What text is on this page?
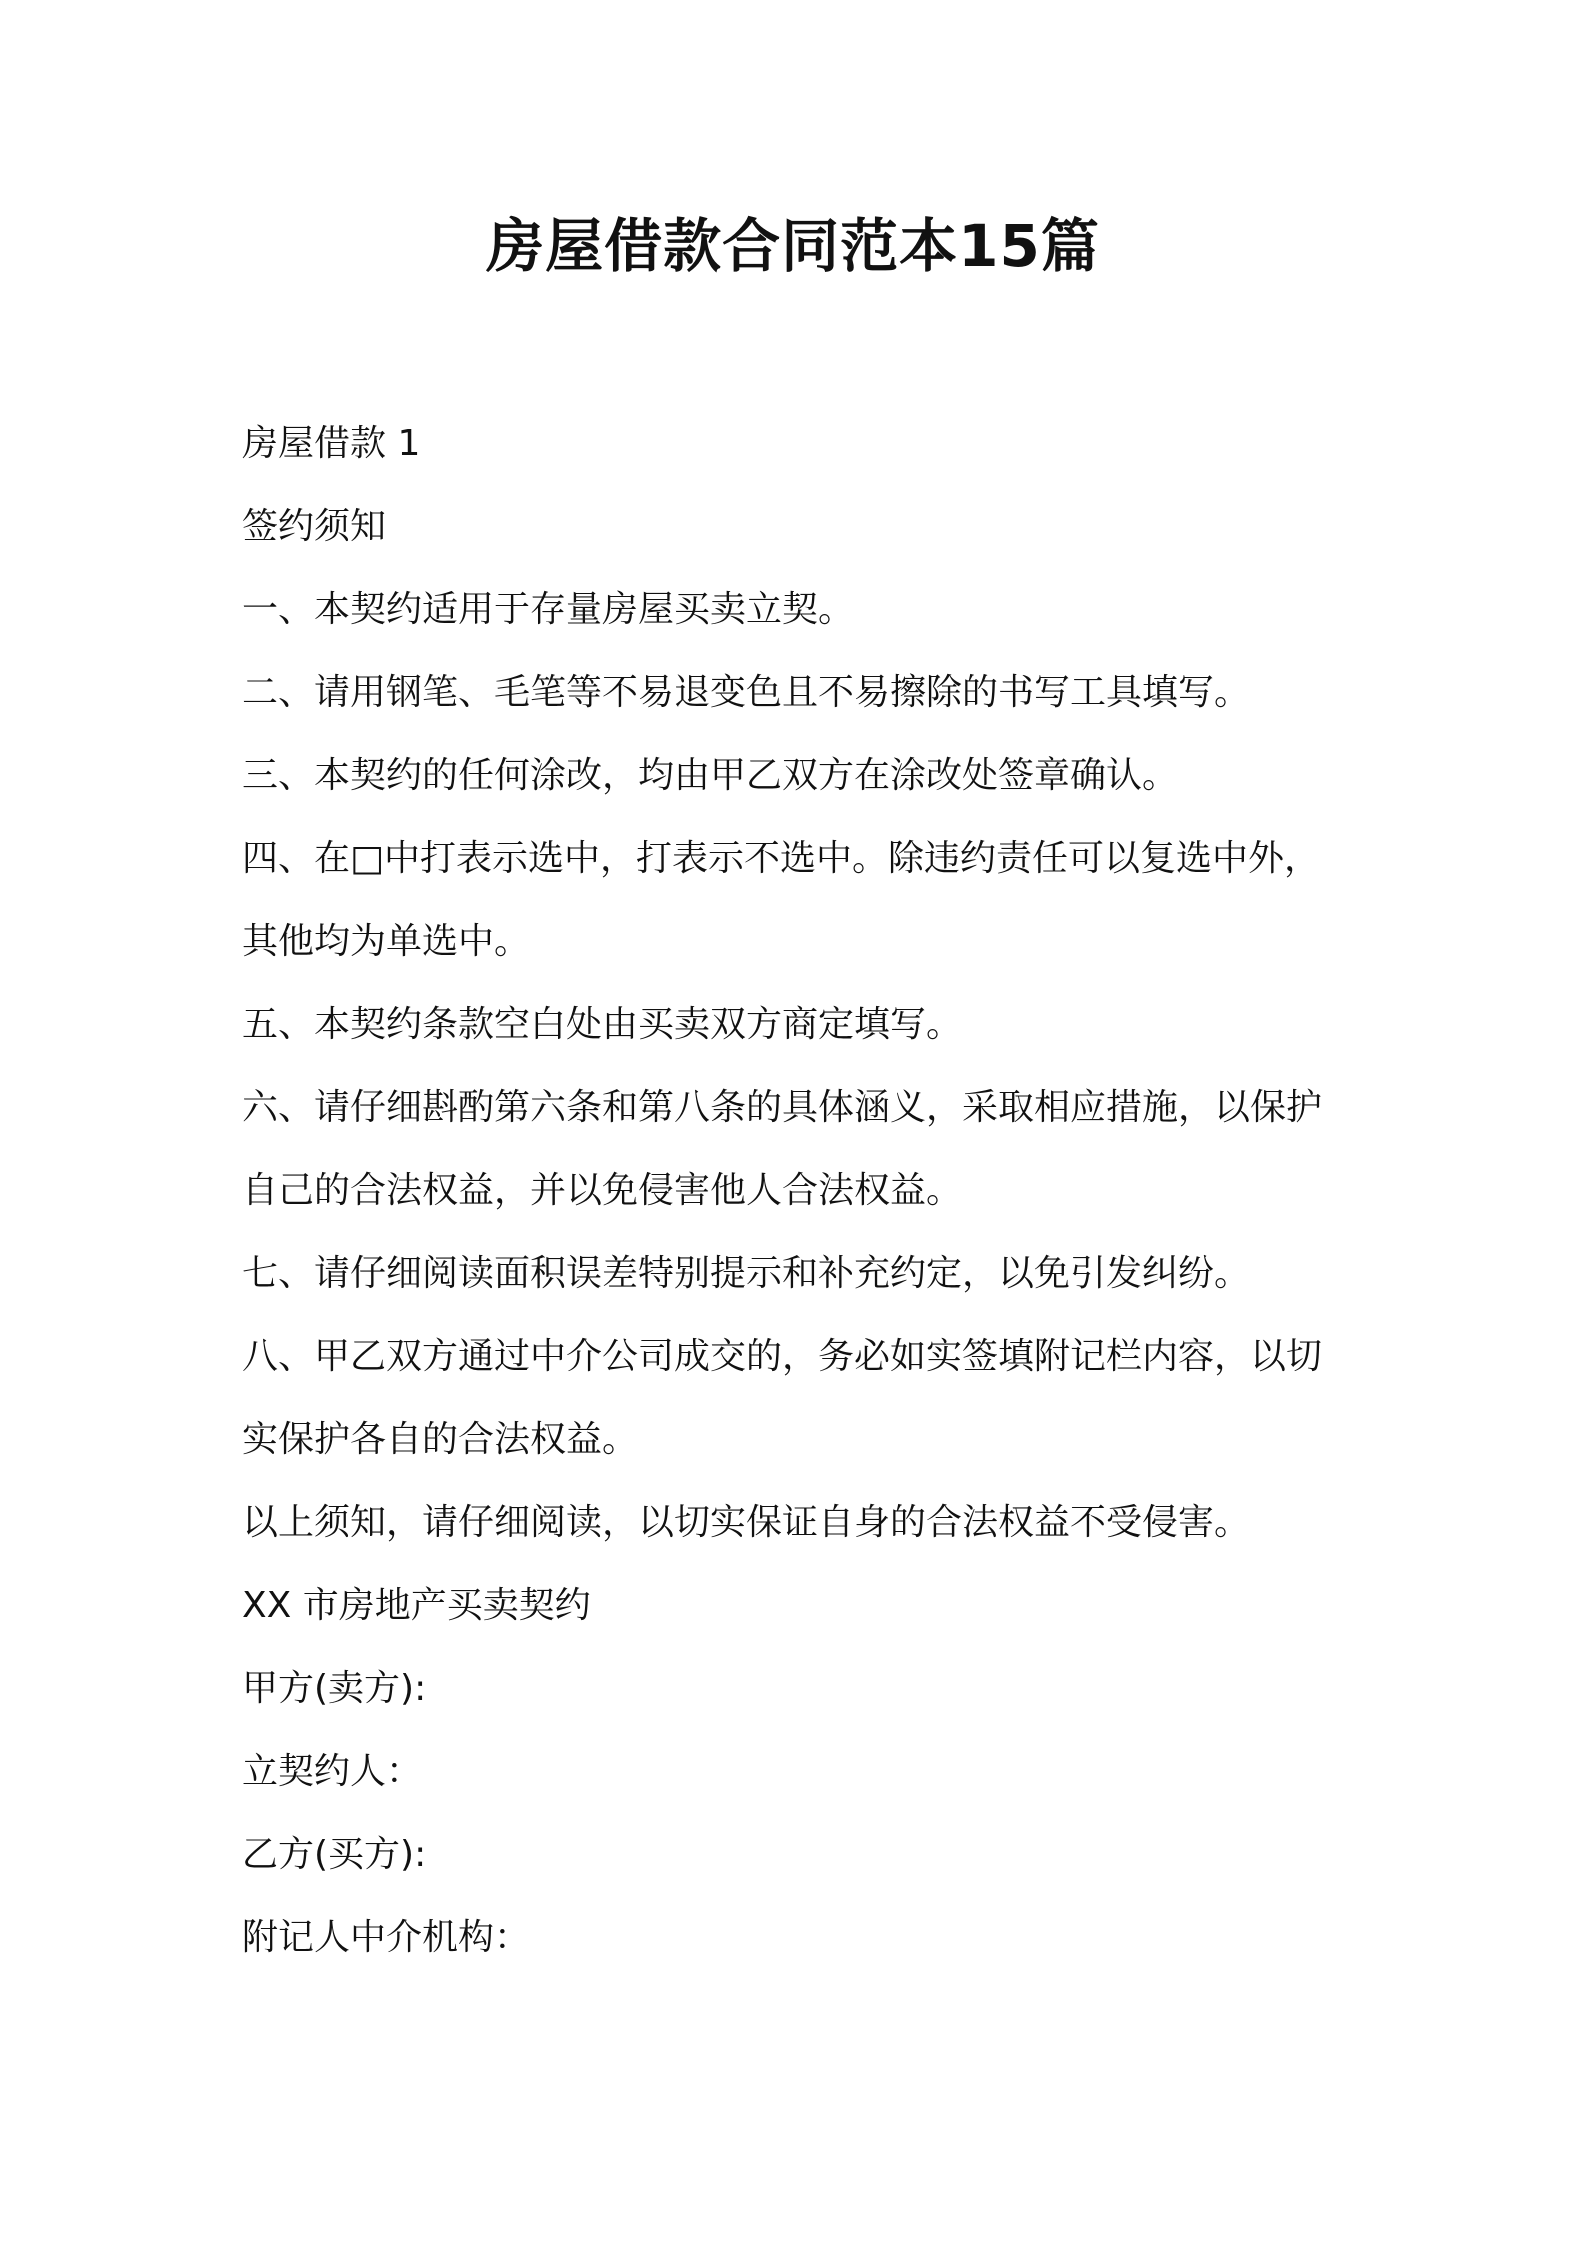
房屋借款合同范本15篇

房屋借款 1

签约须知

一、本契约适用于存量房屋买卖立契。

二、请用钢笔、毛笔等不易退变色且不易擦除的书写工具填写。

三、本契约的任何涂改，均由甲乙双方在涂改处签章确认。

四、在□中打表示选中，打表示不选中。除违约责任可以复选中外，

其他均为单选中。

五、本契约条款空白处由买卖双方商定填写。

六、请仔细斟酌第六条和第八条的具体涵义，采取相应措施，以保护

自己的合法权益，并以免侵害他人合法权益。

七、请仔细阅读面积误差特别提示和补充约定，以免引发纠纷。

八、甲乙双方通过中介公司成交的，务必如实签填附记栏内容，以切

实保护各自的合法权益。

以上须知，请仔细阅读，以切实保证自身的合法权益不受侵害。

XX 市房地产买卖契约

甲方(卖方):

立契约人：

乙方(买方):

附记人中介机构：
